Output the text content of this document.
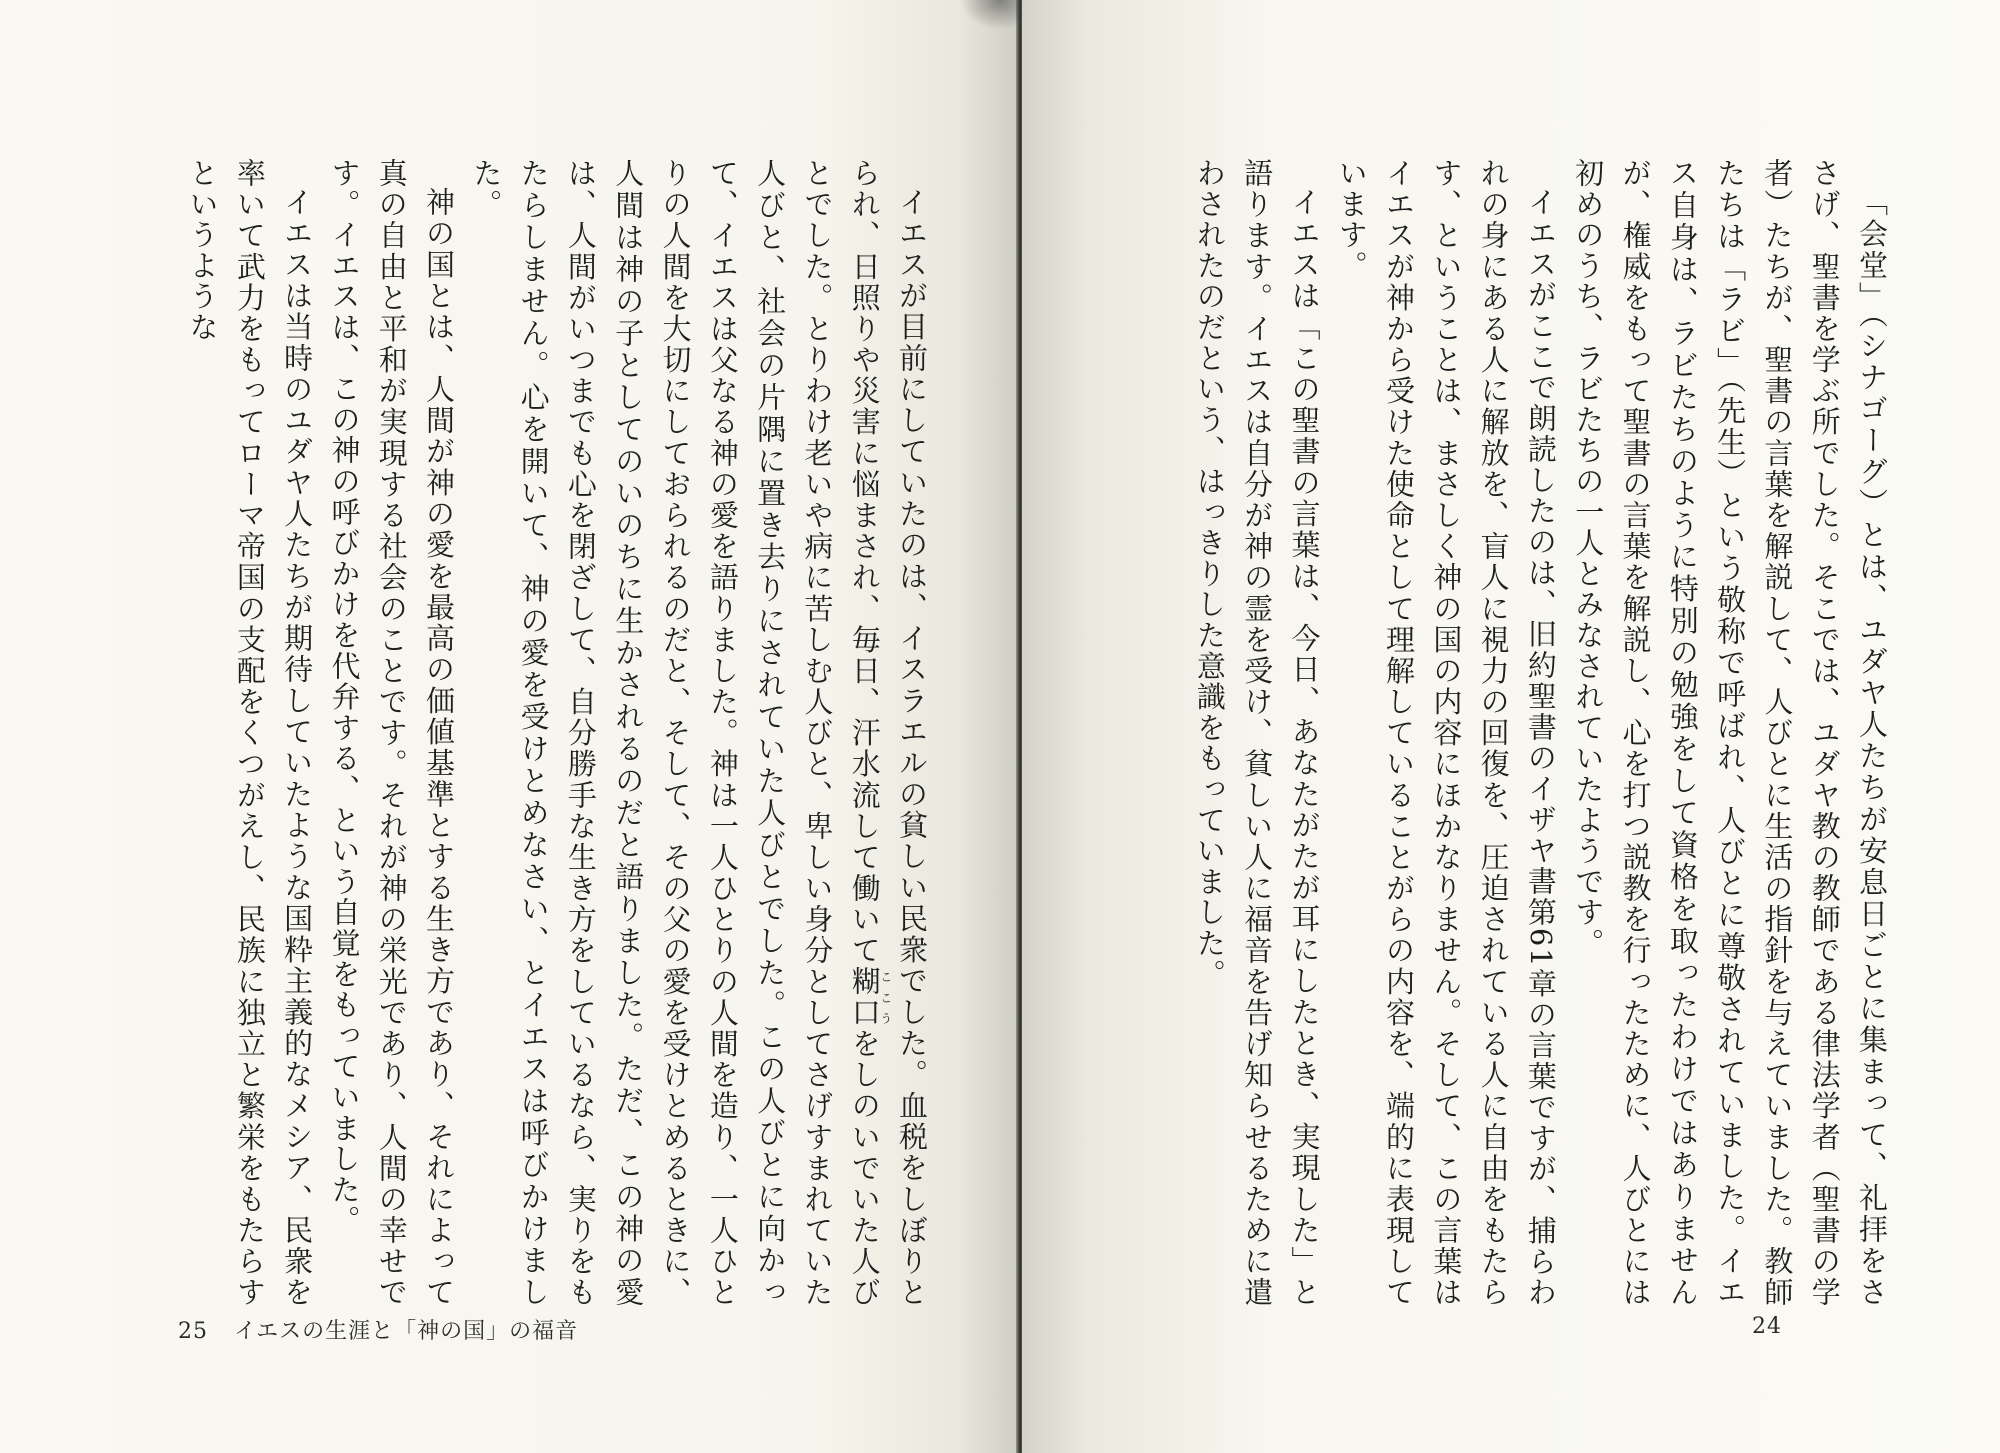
イエスが目前にしていたのは、イスラエルの貧しい民衆でした。血税をしぼりとられ、日照りや災害に悩まされ、毎日、汗水流して働いて糊口ここうをしのいでいた人びとでした。とりわけ老いや病に苦しむ人びと、卑しい身分としてさげすまれていた人びと、社会の片隅に置き去りにされていた人びとでした。この人びとに向かって、イエスは父なる神の愛を語りました。神は一人ひとりの人間を造り、一人ひとりの人間を大切にしておられるのだと、そして、その父の愛を受けとめるときに、人間は神の子としてのいのちに生かされるのだと語りました。ただ、この神の愛は、人間がいつまでも心を閉ざして、自分勝手な生き方をしているなら、実りをもたらしません。心を開いて、神の愛を受けとめなさい、とイエスは呼びかけました。

神の国とは、人間が神の愛を最高の価値基準とする生き方であり、それによって真の自由と平和が実現する社会のことです。それが神の栄光であり、人間の幸せです。イエスは、この神の呼びかけを代弁する、という自覚をもっていました。

イエスは当時のユダヤ人たちが期待していたような国粋主義的なメシア、民衆を率いて武力をもってローマ帝国の支配をくつがえし、民族に独立と繁栄をもたらすというような

25 イエスの生涯と「神の国」の福音

「会堂」（シナゴーグ）とは、ユダヤ人たちが安息日ごとに集まって、礼拝をささげ、聖書を学ぶ所でした。そこでは、ユダヤ教の教師である律法学者（聖書の学者）たちが、聖書の言葉を解説して、人びとに生活の指針を与えていました。教師たちは「ラビ」（先生）という敬称で呼ばれ、人びとに尊敬されていました。イエス自身は、ラビたちのように特別の勉強をして資格を取ったわけではありませんが、権威をもって聖書の言葉を解説し、心を打つ説教を行ったために、人びとには初めのうち、ラビたちの一人とみなされていたようです。

イエスがここで朗読したのは、旧約聖書のイザヤ書第61章の言葉ですが、捕らわれの身にある人に解放を、盲人に視力の回復を、圧迫されている人に自由をもたらす、ということは、まさしく神の国の内容にほかなりません。そして、この言葉はイエスが神から受けた使命として理解していることがらの内容を、端的に表現しています。

イエスは「この聖書の言葉は、今日、あなたがたが耳にしたとき、実現した」と語ります。イエスは自分が神の霊を受け、貧しい人に福音を告げ知らせるために遣わされたのだという、はっきりした意識をもっていました。

24
